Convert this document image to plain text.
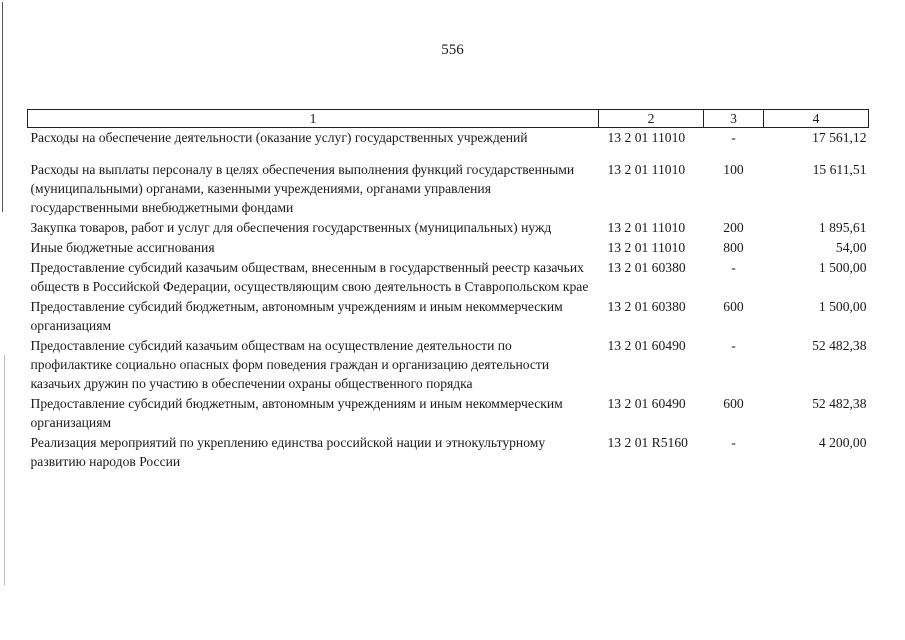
556
1	2	3	4
Расходы на обеспечение деятельности (оказание услуг) государственных учреждений	13 2 01 11010	-	17 561,12

Расходы на выплаты персоналу в целях обеспечения выполнения функций государственными (муниципальными) органами, казенными учреждениями, органами управления государственными внебюджетными фондами	13 2 01 11010	100	15 611,51
Закупка товаров, работ и услуг для обеспечения государственных (муниципальных) нужд	13 2 01 11010	200	1 895,61
Иные бюджетные ассигнования	13 2 01 11010	800	54,00
Предоставление субсидий казачьим обществам, внесенным в государственный реестр казачьих обществ в Российской Федерации, осуществляющим свою деятельность в Ставропольском крае	13 2 01 60380	-	1 500,00
Предоставление субсидий бюджетным, автономным учреждениям и иным некоммерческим организациям	13 2 01 60380	600	1 500,00
Предоставление субсидий казачьим обществам на осуществление деятельности по профилактике социально опасных форм поведения граждан и организацию деятельности казачьих дружин по участию в обеспечении охраны общественного порядка	13 2 01 60490	-	52 482,38
Предоставление субсидий бюджетным, автономным учреждениям и иным некоммерческим организациям	13 2 01 60490	600	52 482,38
Реализация мероприятий по укреплению единства российской нации и этнокультурному развитию народов России	13 2 01 R5160	-	4 200,00
